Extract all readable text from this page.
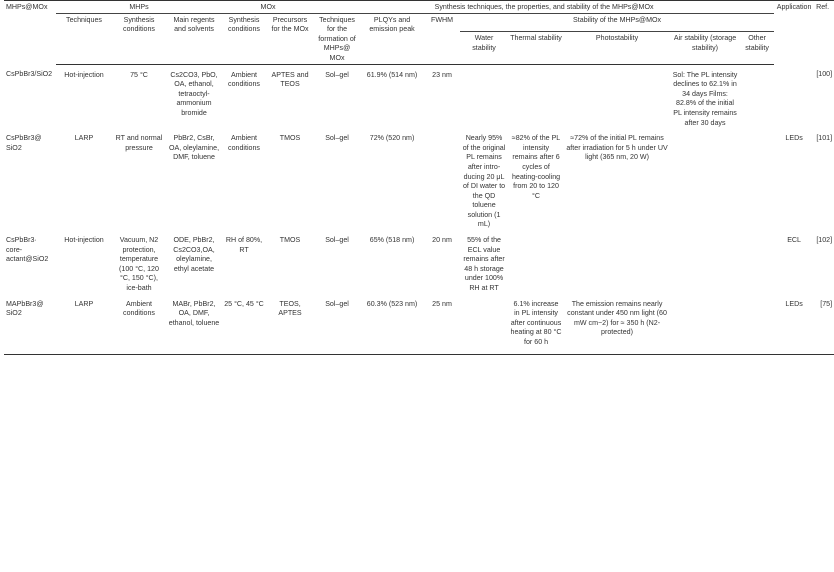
MHPs@MOx	MHPs			MOx		Synthesis techniques, the properties, and stability of the MHPs@MOx								Application	Ref.
	Techniques	Synthesis conditions	Main regents and solvents	Synthesis conditions	Precursors for the MOx	Techniques for the formation of MHPs@ MOx	PLQYs and emission peak	FWHM	Stability of the MHPs@MOx						
									Water stability	Thermal stability	Photostability	Air stability (storage stability)	Other stability		
CsPbBr3/SiO2	Hot-injection	75 °C	Cs2CO3, PbO, OA, ethanol, tetraoctyl-ammonium bromide	Ambient conditions	APTES and TEOS	Sol–gel	61.9% (514 nm)	23 nm				Sol: The PL intensity declines to 62.1% in 34 days Films: 82.8% of the initial PL intensity remains after 30 days			[100]
CsPbBr3@ SiO2	LARP	RT and normal pressure	PbBr2, CsBr, OA, oleylamine, DMF, toluene	Ambient conditions	TMOS	Sol–gel	72% (520 nm)		Nearly 95% of the original PL remains after intro-ducing 20 μL of DI water to the QD toluene solution (1 mL)	≈82% of the PL intensity remains after 6 cycles of heating-cooling from 20 to 120 °C	≈72% of the initial PL remains after irradiation for 5 h under UV light (365 nm, 20 W)			LEDs	[101]
CsPbBr3· core-actant@SiO2	Hot-injection	Vacuum, N2 protection, temperature (100 °C, 120 °C, 150 °C), ice-bath	ODE, PbBr2, Cs2CO3,OA, oleylamine, ethyl acetate	RH of 80%, RT	TMOS	Sol–gel	65% (518 nm)	20 nm	55% of the ECL value remains after 48 h storage under 100% RH at RT					ECL	[102]
MAPbBr3@ SiO2	LARP	Ambient conditions	MABr, PbBr2, OA, DMF, ethanol, toluene	25 °C, 45 °C	TEOS, APTES	Sol–gel	60.3% (523 nm)	25 nm		6.1% increase in PL intensity after continuous heating at 80 °C for 60 h	The emission remains nearly constant under 450 nm light (60 mW cm−2) for ≈ 350 h (N2-protected)			LEDs	[75]
